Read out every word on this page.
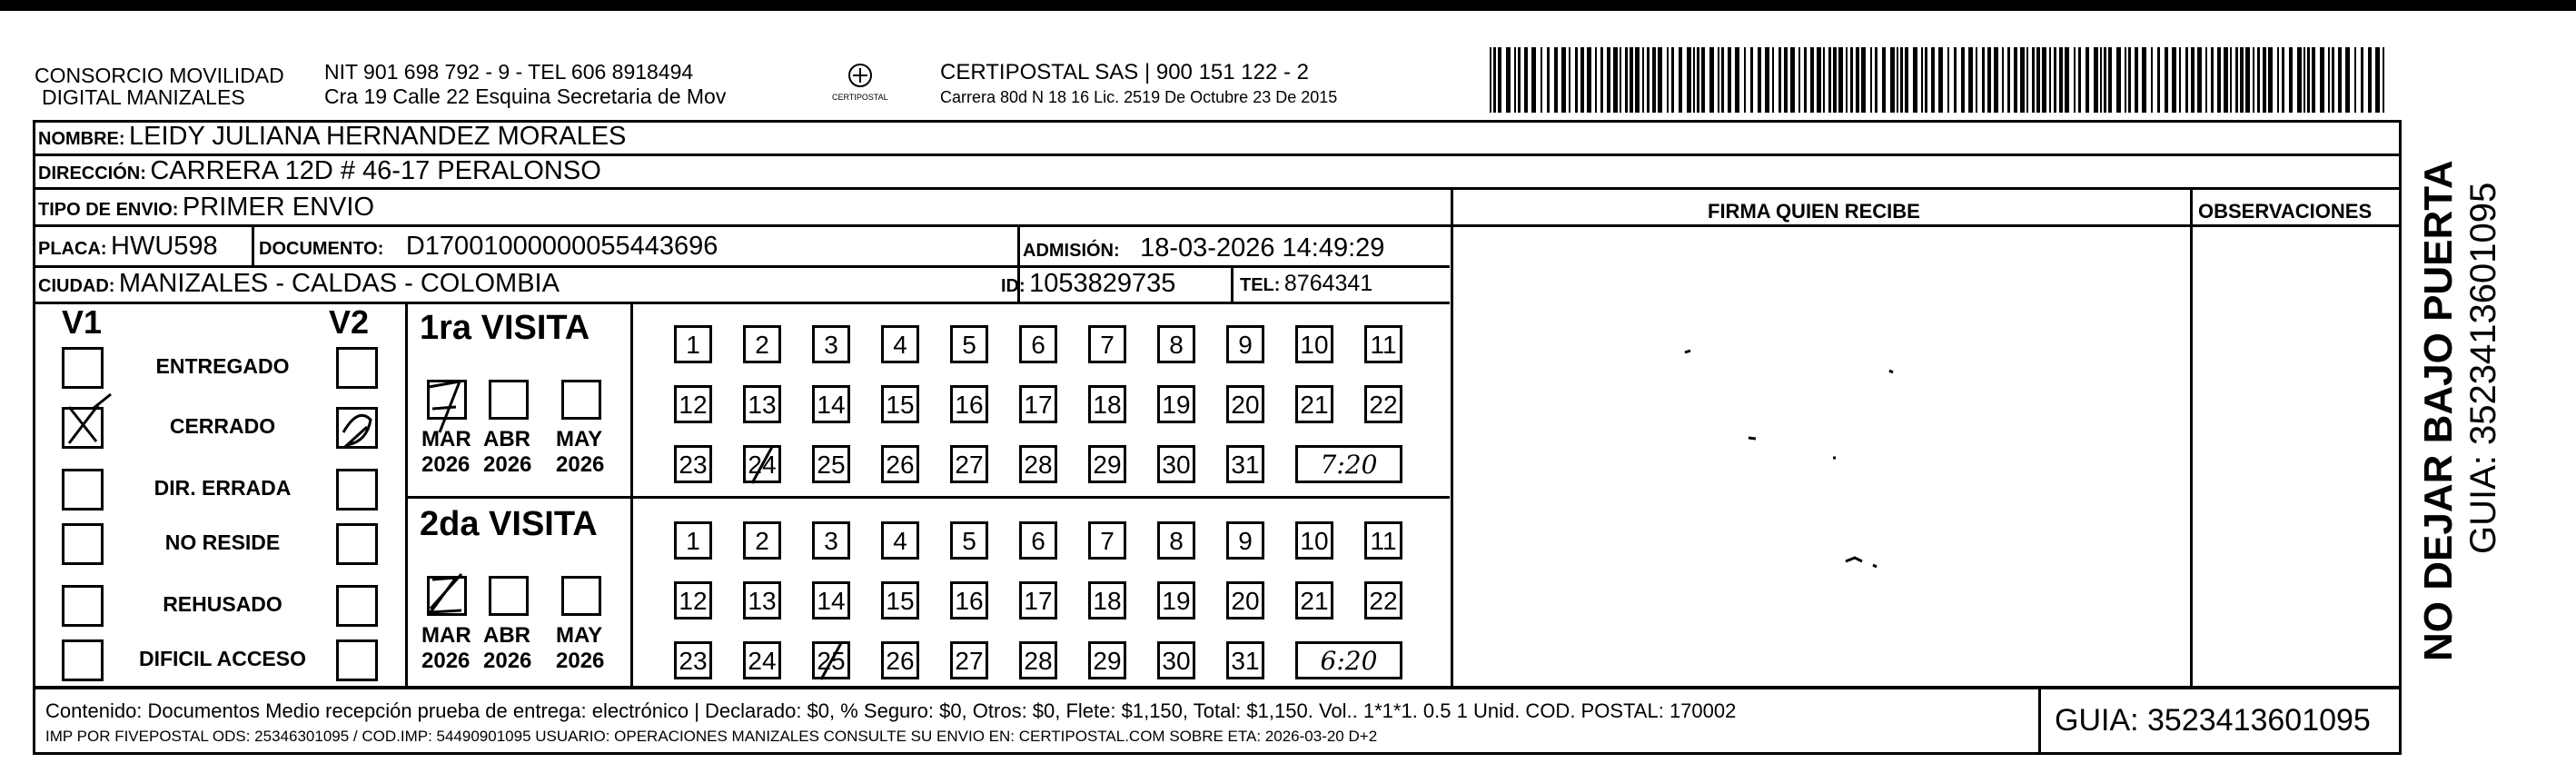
CONSORCIO MOVILIDAD
DIGITAL MANIZALES
NIT 901 698 792 - 9 - TEL 606 8918494
Cra 19 Calle 22 Esquina Secretaria de Mov	CERTIPOSTAL
CERTIPOSTAL SAS | 900 151 122 - 2
Carrera 80d N 18 16 Lic. 2519 De Octubre 23 De 2015
NOMBRE: LEIDY JULIANA HERNANDEZ MORALES
DIRECCIÓN: CARRERA 12D # 46-17 PERALONSO
TIPO DE ENVIO: PRIMER ENVIO
PLACA: HWU598 DOCUMENTO: D17001000000055443696	ADMISIÓN: 18-03-2026 14:49:29
CIUDAD: MANIZALES - CALDAS - COLOMBIA	ID: 1053829735	TEL: 8764341
FIRMA QUIEN RECIBE	OBSERVACIONES
V1	V2
ENTREGADO
CERRADO
DIR. ERRADA
NO RESIDE
REHUSADO
DIFICIL ACCESO
1ra VISITA
MAR
2026
ABR
2026
MAY
2026
1	2	3	4	5	6	7	8	9	10 11
12 13 14 15 16 17 18 19 20 21 22
23 24 25 26 27 28 29 30 31	7:20
2da VISITA
MAR
2026
ABR
2026
MAY
2026
1	2	3	4	5	6	7	8	9	10 11
12 13 14 15 16 17 18 19 20 21 22
23 24 25 26 27 28 29 30 31	6:20
Contenido: Documentos Medio recepción prueba de entrega: electrónico | Declarado: $0, % Seguro: $0, Otros: $0, Flete: $1,150, Total: $1,150. Vol.. 1*1*1. 0.5 1 Unid. COD. POSTAL: 170002
IMP POR FIVEPOSTAL ODS: 25346301095 / COD.IMP: 54490901095 USUARIO: OPERACIONES MANIZALES CONSULTE SU ENVIO EN: CERTIPOSTAL.COM SOBRE ETA: 2026-03-20 D+2	GUIA: 3523413601095
NO DEJAR BAJO PUERTA GUIA: 3523413601095
